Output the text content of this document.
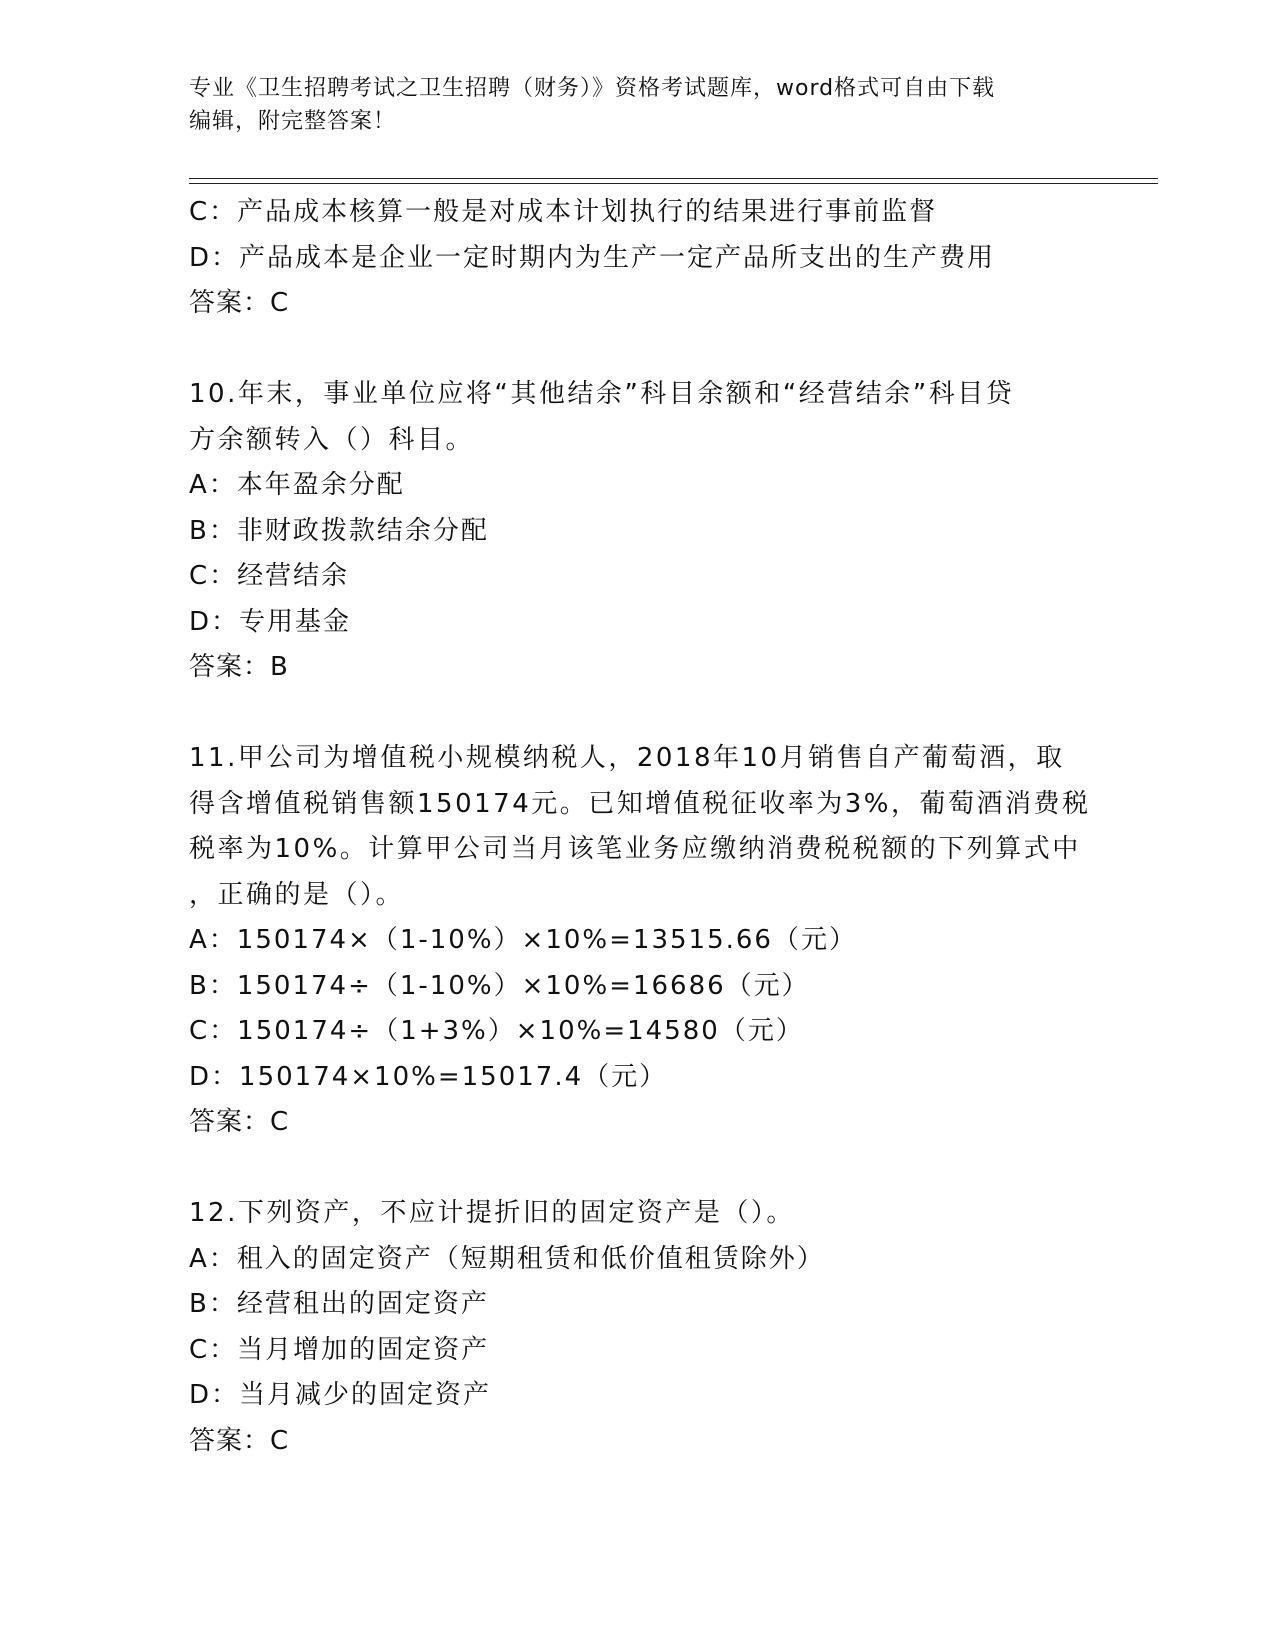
专业《卫生招聘考试之卫生招聘（财务）》资格考试题库，word格式可自由下载
编辑，附完整答案！
C：产品成本核算一般是对成本计划执行的结果进行事前监督
D：产品成本是企业一定时期内为生产一定产品所支出的生产费用
答案：C
10.年末，事业单位应将“其他结余”科目余额和“经营结余”科目贷
方余额转入（）科目。
A：本年盈余分配
B：非财政拨款结余分配
C：经营结余
D：专用基金
答案：B
11.甲公司为增值税小规模纳税人，2018年10月销售自产葡萄酒，取
得含增值税销售额150174元。已知增值税征收率为3%，葡萄酒消费税
税率为10%。计算甲公司当月该笔业务应缴纳消费税税额的下列算式中
，正确的是（）。
A：150174×（1-10%）×10%=13515.66（元）
B：150174÷（1-10%）×10%=16686（元）
C：150174÷（1+3%）×10%=14580（元）
D：150174×10%=15017.4（元）
答案：C
12.下列资产，不应计提折旧的固定资产是（）。
A：租入的固定资产（短期租赁和低价值租赁除外）
B：经营租出的固定资产
C：当月增加的固定资产
D：当月减少的固定资产
答案：C
